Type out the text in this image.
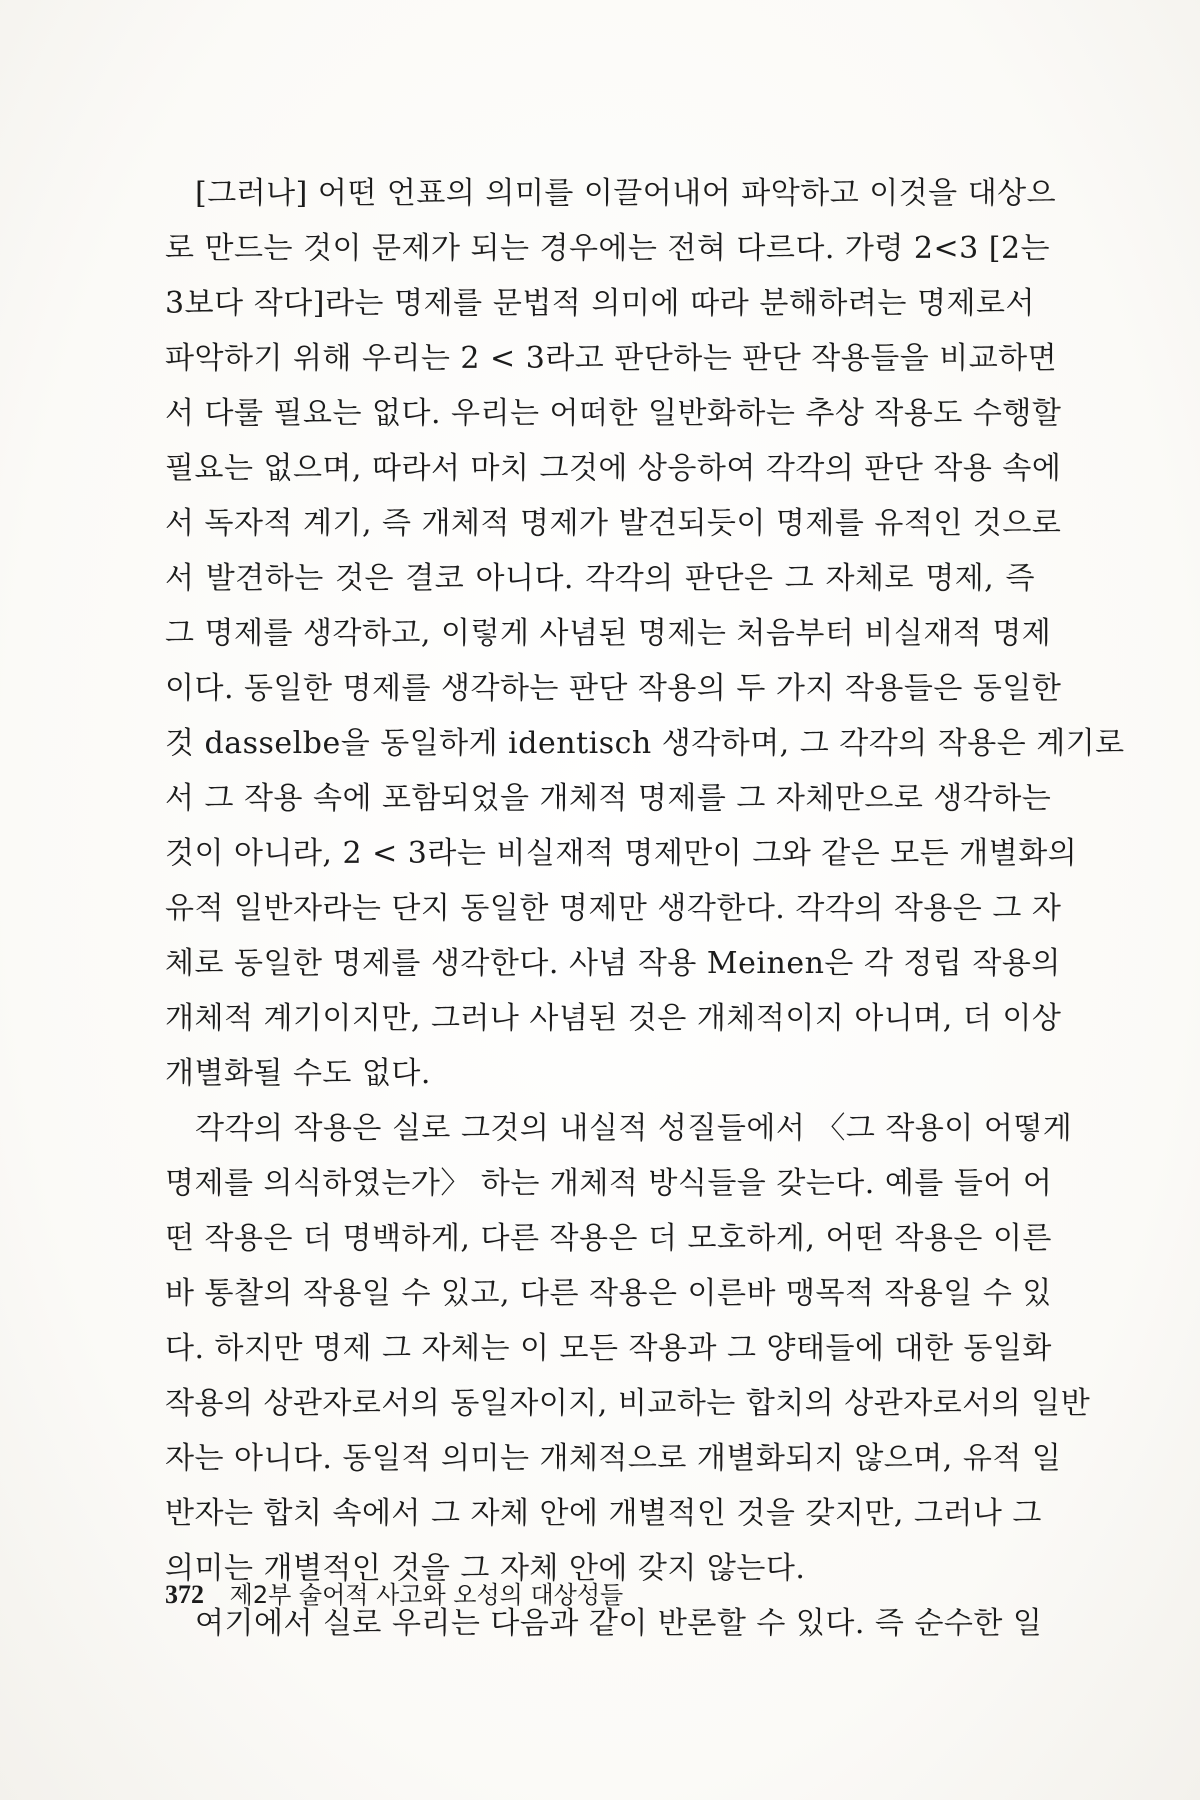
[그러나] 어떤 언표의 의미를 이끌어내어 파악하고 이것을 대상으
로 만드는 것이 문제가 되는 경우에는 전혀 다르다. 가령 2<3 [2는
3보다 작다]라는 명제를 문법적 의미에 따라 분해하려는 명제로서
파악하기 위해 우리는 2 < 3라고 판단하는 판단 작용들을 비교하면
서 다룰 필요는 없다. 우리는 어떠한 일반화하는 추상 작용도 수행할
필요는 없으며, 따라서 마치 그것에 상응하여 각각의 판단 작용 속에
서 독자적 계기, 즉 개체적 명제가 발견되듯이 명제를 유적인 것으로
서 발견하는 것은 결코 아니다. 각각의 판단은 그 자체로 명제, 즉
그 명제를 생각하고, 이렇게 사념된 명제는 처음부터 비실재적 명제
이다. 동일한 명제를 생각하는 판단 작용의 두 가지 작용들은 동일한
것 dasselbe을 동일하게 identisch 생각하며, 그 각각의 작용은 계기로
서 그 작용 속에 포함되었을 개체적 명제를 그 자체만으로 생각하는
것이 아니라, 2 < 3라는 비실재적 명제만이 그와 같은 모든 개별화의
유적 일반자라는 단지 동일한 명제만 생각한다. 각각의 작용은 그 자
체로 동일한 명제를 생각한다. 사념 작용 Meinen은 각 정립 작용의
개체적 계기이지만, 그러나 사념된 것은 개체적이지 아니며, 더 이상
개별화될 수도 없다.
각각의 작용은 실로 그것의 내실적 성질들에서 〈그 작용이 어떻게
명제를 의식하였는가〉 하는 개체적 방식들을 갖는다. 예를 들어 어
떤 작용은 더 명백하게, 다른 작용은 더 모호하게, 어떤 작용은 이른
바 통찰의 작용일 수 있고, 다른 작용은 이른바 맹목적 작용일 수 있
다. 하지만 명제 그 자체는 이 모든 작용과 그 양태들에 대한 동일화
작용의 상관자로서의 동일자이지, 비교하는 합치의 상관자로서의 일반
자는 아니다. 동일적 의미는 개체적으로 개별화되지 않으며, 유적 일
반자는 합치 속에서 그 자체 안에 개별적인 것을 갖지만, 그러나 그
의미는 개별적인 것을 그 자체 안에 갖지 않는다.
여기에서 실로 우리는 다음과 같이 반론할 수 있다. 즉 순수한 일
372 제2부 술어적 사고와 오성의 대상성들
